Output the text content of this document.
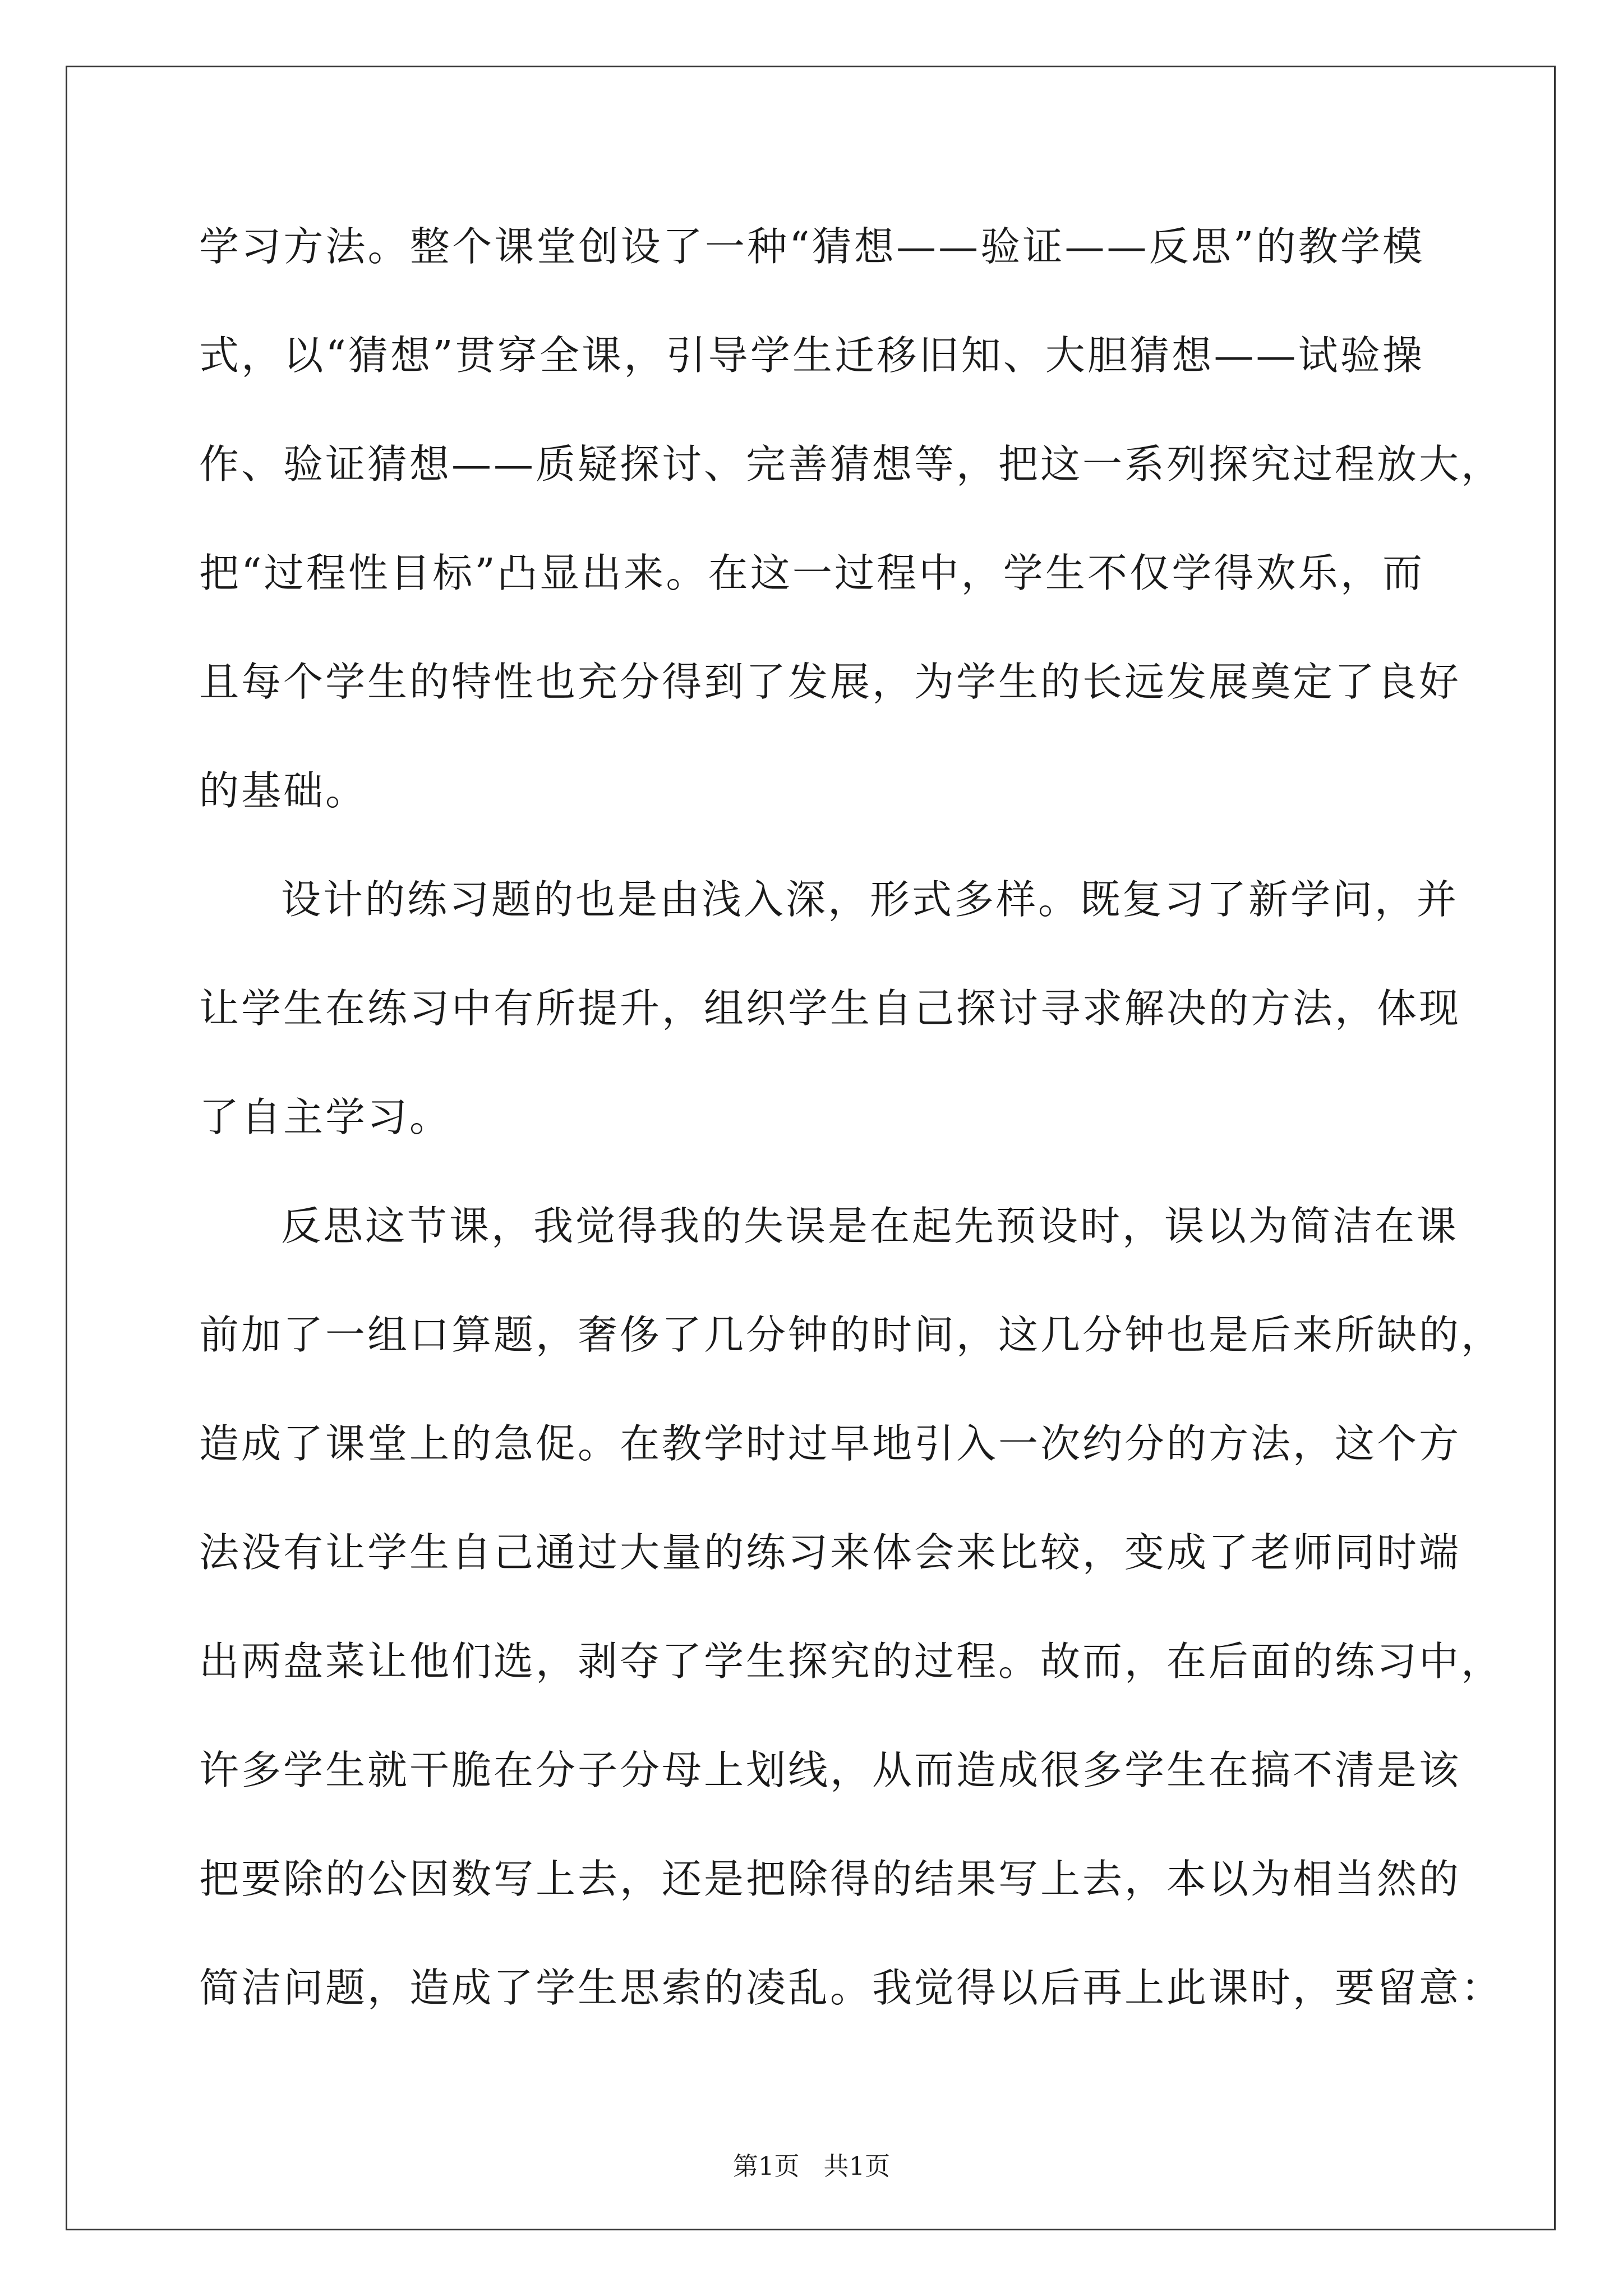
学习方法。整个课堂创设了一种“猜想——验证——反思”的教学模
式，以“猜想”贯穿全课，引导学生迁移旧知、大胆猜想——试验操
作、验证猜想——质疑探讨、完善猜想等，把这一系列探究过程放大，
把“过程性目标”凸显出来。在这一过程中，学生不仅学得欢乐，而
且每个学生的特性也充分得到了发展，为学生的长远发展奠定了良好
的基础。
设计的练习题的也是由浅入深，形式多样。既复习了新学问，并
让学生在练习中有所提升，组织学生自己探讨寻求解决的方法，体现
了自主学习。
反思这节课，我觉得我的失误是在起先预设时，误以为简洁在课
前加了一组口算题，奢侈了几分钟的时间，这几分钟也是后来所缺的，
造成了课堂上的急促。在教学时过早地引入一次约分的方法，这个方
法没有让学生自己通过大量的练习来体会来比较，变成了老师同时端
出两盘菜让他们选，剥夺了学生探究的过程。故而，在后面的练习中，
许多学生就干脆在分子分母上划线，从而造成很多学生在搞不清是该
把要除的公因数写上去，还是把除得的结果写上去，本以为相当然的
简洁问题，造成了学生思索的凌乱。我觉得以后再上此课时，要留意：
第1页   共1页
